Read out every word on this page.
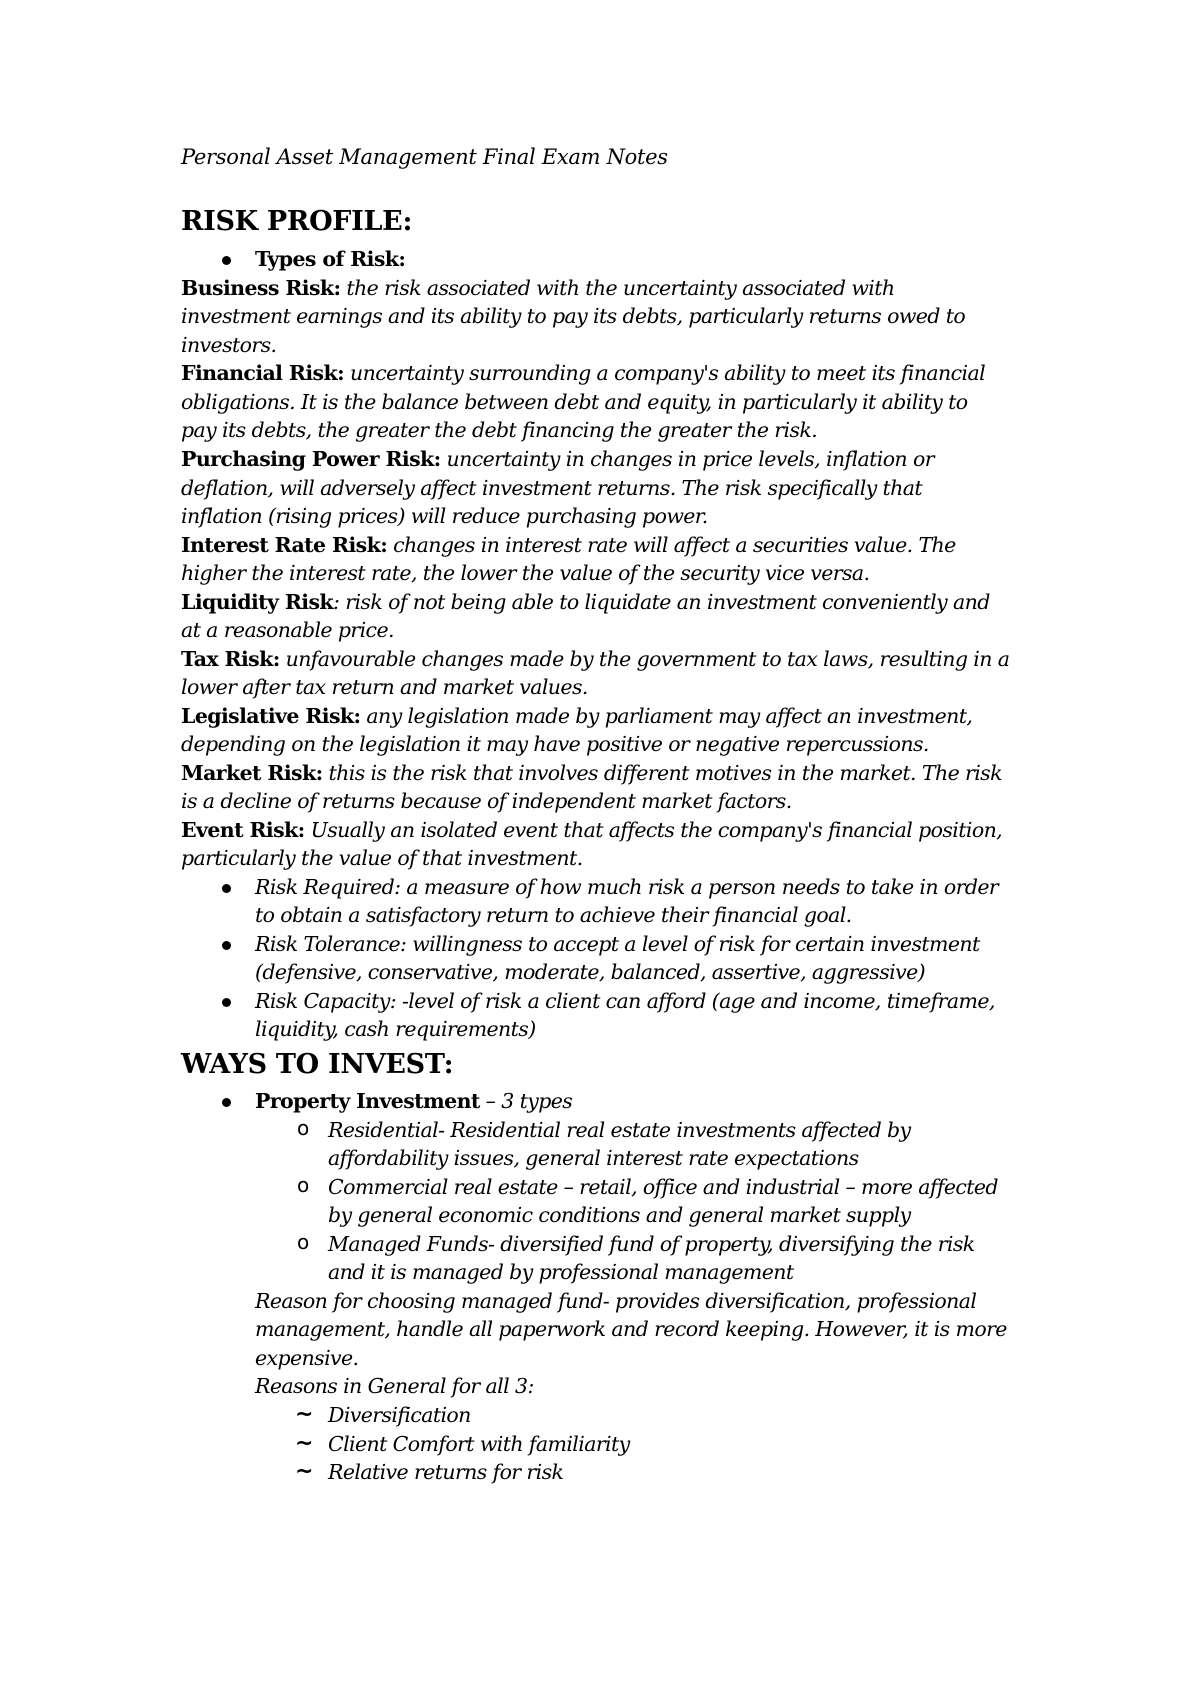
Personal Asset Management Final Exam Notes
RISK PROFILE:
Types of Risk:
Business Risk: the risk associated with the uncertainty associated with
investment earnings and its ability to pay its debts, particularly returns owed to
investors.
Financial Risk: uncertainty surrounding a company's ability to meet its financial
obligations. It is the balance between debt and equity, in particularly it ability to
pay its debts, the greater the debt financing the greater the risk.
Purchasing Power Risk: uncertainty in changes in price levels, inflation or
deflation, will adversely affect investment returns. The risk specifically that
inflation (rising prices) will reduce purchasing power.
Interest Rate Risk: changes in interest rate will affect a securities value. The
higher the interest rate, the lower the value of the security vice versa.
Liquidity Risk: risk of not being able to liquidate an investment conveniently and
at a reasonable price.
Tax Risk: unfavourable changes made by the government to tax laws, resulting in a
lower after tax return and market values.
Legislative Risk: any legislation made by parliament may affect an investment,
depending on the legislation it may have positive or negative repercussions.
Market Risk: this is the risk that involves different motives in the market. The risk
is a decline of returns because of independent market factors.
Event Risk: Usually an isolated event that affects the company's financial position,
particularly the value of that investment.
Risk Required: a measure of how much risk a person needs to take in order
to obtain a satisfactory return to achieve their financial goal.
Risk Tolerance: willingness to accept a level of risk for certain investment
(defensive, conservative, moderate, balanced, assertive, aggressive)
Risk Capacity: -level of risk a client can afford (age and income, timeframe,
liquidity, cash requirements)
WAYS TO INVEST:
Property Investment – 3 types
o Residential- Residential real estate investments affected by
affordability issues, general interest rate expectations
o Commercial real estate – retail, office and industrial – more affected
by general economic conditions and general market supply
o Managed Funds- diversified fund of property, diversifying the risk
and it is managed by professional management
Reason for choosing managed fund- provides diversification, professional
management, handle all paperwork and record keeping. However, it is more
expensive.
Reasons in General for all 3:
~ Diversification
~ Client Comfort with familiarity
~ Relative returns for risk
